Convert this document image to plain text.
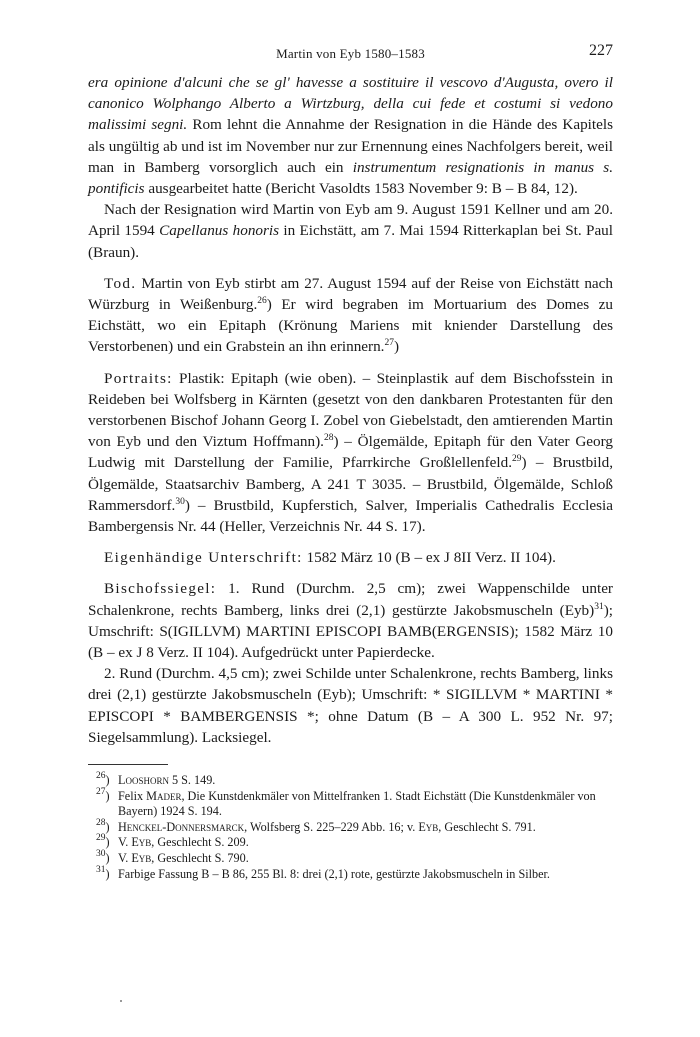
Martin von Eyb 1580–1583	227

era opinione d'alcuni che se gl' havesse a sostituire il vescovo d'Augusta, overo il canonico Wolphango Alberto a Wirtzburg, della cui fede et costumi si vedono malissimi segni. Rom lehnt die Annahme der Resignation in die Hände des Kapitels als ungültig ab und ist im November nur zur Ernennung eines Nachfolgers bereit, weil man in Bamberg vorsorglich auch ein instrumentum resignationis in manus s. pontificis ausgearbeitet hatte (Bericht Vasoldts 1583 November 9: B – B 84, 12).

Nach der Resignation wird Martin von Eyb am 9. August 1591 Kellner und am 20. April 1594 Capellanus honoris in Eichstätt, am 7. Mai 1594 Ritterkaplan bei St. Paul (Braun).

Tod. Martin von Eyb stirbt am 27. August 1594 auf der Reise von Eichstätt nach Würzburg in Weißenburg.$^{26}$) Er wird begraben im Mortuarium des Domes zu Eichstätt, wo ein Epitaph (Krönung Mariens mit kniender Darstellung des Verstorbenen) und ein Grabstein an ihn erinnern.$^{27}$)

Portraits: Plastik: Epitaph (wie oben). – Steinplastik auf dem Bischofsstein in Reideben bei Wolfsberg in Kärnten (gesetzt von den dankbaren Protestanten für den verstorbenen Bischof Johann Georg I. Zobel von Giebelstadt, den amtierenden Martin von Eyb und den Viztum Hoffmann).$^{28}$) – Ölgemälde, Epitaph für den Vater Georg Ludwig mit Darstellung der Familie, Pfarrkirche Großlellenfeld.$^{29}$) – Brustbild, Ölgemälde, Staatsarchiv Bamberg, A 241 T 3035. – Brustbild, Ölgemälde, Schloß Rammersdorf.$^{30}$) – Brustbild, Kupferstich, Salver, Imperialis Cathedralis Ecclesia Bambergensis Nr. 44 (Heller, Verzeichnis Nr. 44 S. 17).

Eigenhändige Unterschrift: 1582 März 10 (B – ex J 8II Verz. II 104).

Bischofssiegel: 1. Rund (Durchm. 2,5 cm); zwei Wappenschilde unter Schalenkrone, rechts Bamberg, links drei (2,1) gestürzte Jakobsmuscheln (Eyb)$^{31}$); Umschrift: S(IGILLVM) MARTINI EPISCOPI BAMB(ERGENSIS); 1582 März 10 (B – ex J 8 Verz. II 104). Aufgedrückt unter Papierdecke.

2. Rund (Durchm. 4,5 cm); zwei Schilde unter Schalenkrone, rechts Bamberg, links drei (2,1) gestürzte Jakobsmuscheln (Eyb); Umschrift: * SIGILLVM * MARTINI * EPISCOPI * BAMBERGENSIS *; ohne Datum (B – A 300 L. 952 Nr. 97; Siegelsammlung). Lacksiegel.

$^{26}$) Looshorn 5 S. 149.
$^{27}$) Felix Mader, Die Kunstdenkmäler von Mittelfranken 1. Stadt Eichstätt (Die Kunstdenkmäler von Bayern) 1924 S. 194.
$^{28}$) Henckel-Donnersmarck, Wolfsberg S. 225–229 Abb. 16; v. Eyb, Geschlecht S. 791.
$^{29}$) V. Eyb, Geschlecht S. 209.
$^{30}$) V. Eyb, Geschlecht S. 790.
$^{31}$) Farbige Fassung B – B 86, 255 Bl. 8: drei (2,1) rote, gestürzte Jakobsmuscheln in Silber.
